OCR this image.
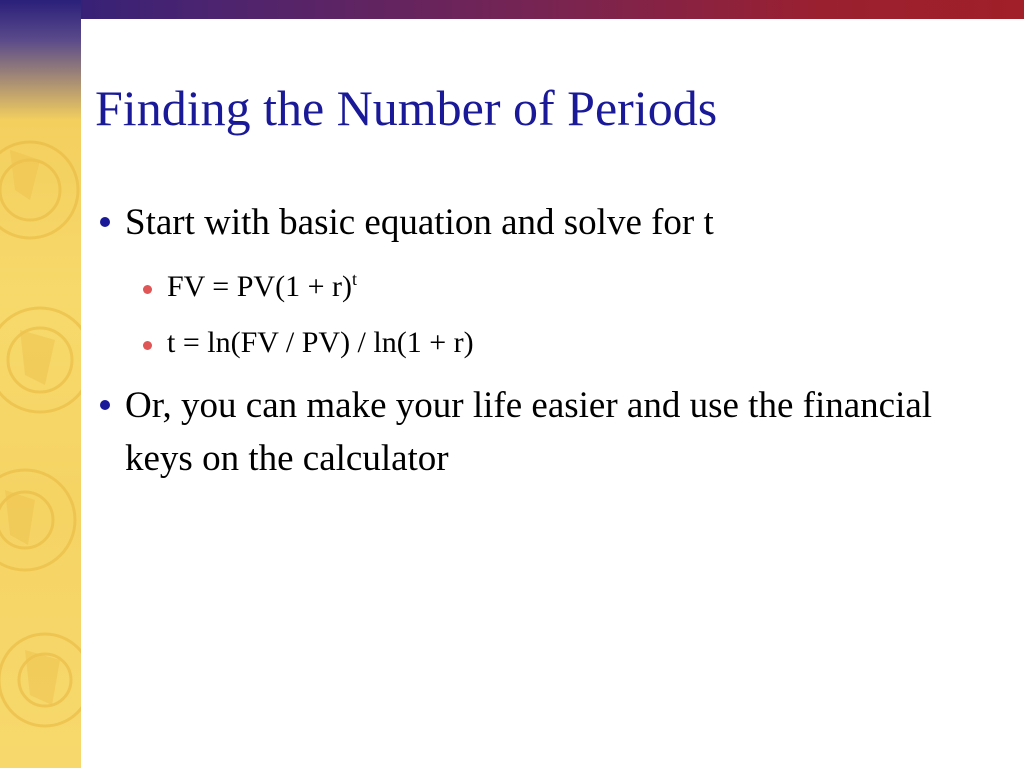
Finding the Number of Periods
Start with basic equation and solve for t
FV = $PV(1 + r)^t$
t = ln(FV / PV) / ln(1 + r)
Or, you can make your life easier and use the financial keys on the calculator
